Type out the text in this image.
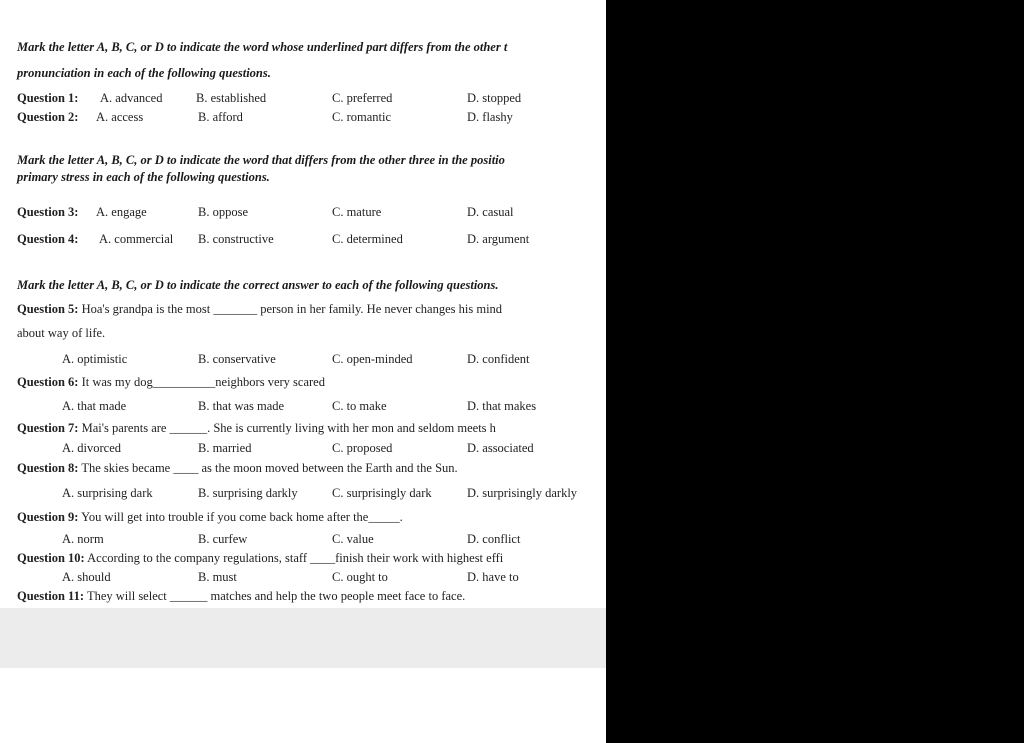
Mark the letter A, B, C, or D to indicate the word whose underlined part differs from the other t
pronunciation in each of the following questions.
Question 1: A. advanced	B. established	C. preferred	D. stopped
Question 2: A. access	B. afford	C. romantic	D. flashy
Mark the letter A, B, C, or D to indicate the word that differs from the other three in the positio
primary stress in each of the following questions.
Question 3: A. engage	B. oppose	C. mature	D. casual
Question 4: A. commercial B. constructive	C. determined	D. argument
Mark the letter A, B, C, or D to indicate the correct answer to each of the following questions.
Question 5: Hoa's grandpa is the most _______ person in her family. He never changes his mind
about way of life.
A. optimistic	B. conservative	C. open-minded	D. confident
Question 6: It was my dog__________neighbors very scared
A. that made	B. that was made	C. to make	D. that makes
Question 7: Mai's parents are ______. She is currently living with her mon and seldom meets h
A. divorced	B. married	C. proposed	D. associated
Question 8: The skies became ____ as the moon moved between the Earth and the Sun.
A. surprising dark	B. surprising darkly	C. surprisingly dark	D. surprisingly darkly
Question 9: You will get into trouble if you come back home after the_____.
A. norm	B. curfew	C. value	D. conflict
Question 10: According to the company regulations, staff ____finish their work with highest effi
A. should	B. must	C. ought to	D. have to
Question 11: They will select ______ matches and help the two people meet face to face.
